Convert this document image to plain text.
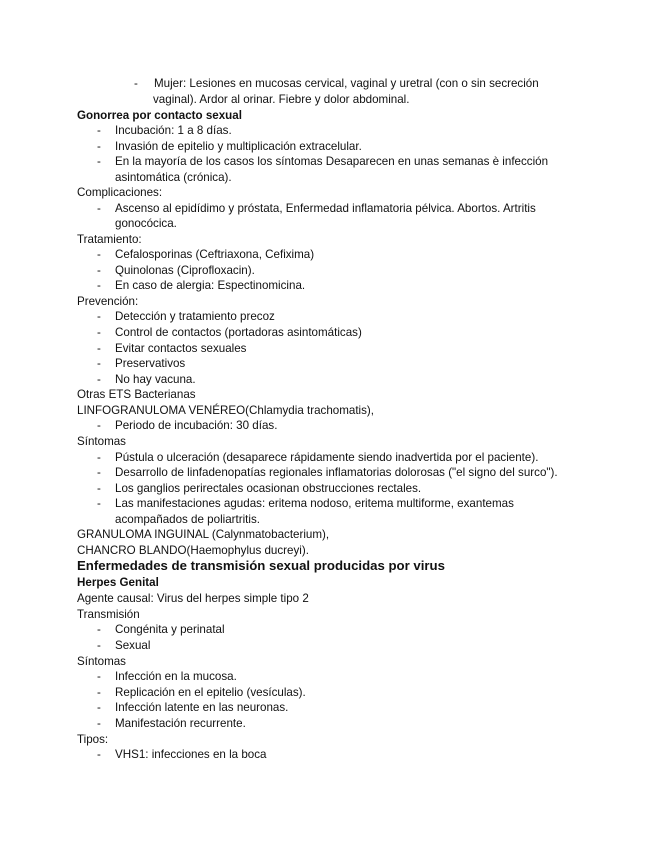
- Mujer: Lesiones en mucosas cervical, vaginal y uretral (con o sin secreción
vaginal). Ardor al orinar. Fiebre y dolor abdominal.
Gonorrea por contacto sexual
- Incubación: 1 a 8 días.
- Invasión de epitelio y multiplicación extracelular.
- En la mayoría de los casos los síntomas Desaparecen en unas semanas è infección
asintomática (crónica).
Complicaciones:
- Ascenso al epidídimo y próstata, Enfermedad inflamatoria pélvica. Abortos. Artritis
gonocócica.
Tratamiento:
- Cefalosporinas (Ceftriaxona, Cefixima)
- Quinolonas (Ciprofloxacin).
- En caso de alergia: Espectinomicina.
Prevención:
- Detección y tratamiento precoz
- Control de contactos (portadoras asintomáticas)
- Evitar contactos sexuales
- Preservativos
- No hay vacuna.
Otras ETS Bacterianas
LINFOGRANULOMA VENÉREO(Chlamydia trachomatis),
- Periodo de incubación: 30 días.
Síntomas
- Pústula o ulceración (desaparece rápidamente siendo inadvertida por el paciente).
- Desarrollo de linfadenopatías regionales inflamatorias dolorosas ("el signo del surco").
- Los ganglios perirectales ocasionan obstrucciones rectales.
- Las manifestaciones agudas: eritema nodoso, eritema multiforme, exantemas
acompañados de poliartritis.
GRANULOMA INGUINAL (Calynmatobacterium),
CHANCRO BLANDO(Haemophylus ducreyi).
Enfermedades de transmisión sexual producidas por virus
Herpes Genital
Agente causal: Virus del herpes simple tipo 2
Transmisión
- Congénita y perinatal
- Sexual
Síntomas
- Infección en la mucosa.
- Replicación en el epitelio (vesículas).
- Infección latente en las neuronas.
- Manifestación recurrente.
Tipos:
- VHS1: infecciones en la boca
